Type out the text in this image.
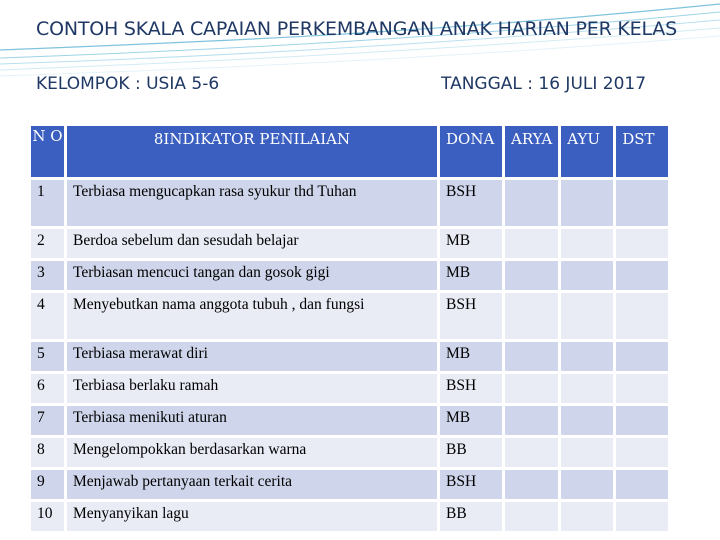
CONTOH SKALA CAPAIAN PERKEMBANGAN ANAK HARIAN PER KELAS
KELOMPOK : USIA 5-6	TANGGAL : 16 JULI 2017
N O	8INDIKATOR PENILAIAN	DONA	ARYA	AYU	DST
1	Terbiasa mengucapkan rasa syukur thd Tuhan	BSH			
2	Berdoa sebelum dan sesudah belajar	MB			
3	Terbiasan mencuci tangan dan gosok gigi	MB			
4	Menyebutkan nama anggota tubuh , dan fungsi	BSH			
5	Terbiasa merawat diri	MB			
6	Terbiasa berlaku ramah	BSH			
7	Terbiasa menikuti aturan	MB			
8	Mengelompokkan berdasarkan warna	BB			
9	Menjawab pertanyaan terkait cerita	BSH			
10	Menyanyikan lagu	BB			
